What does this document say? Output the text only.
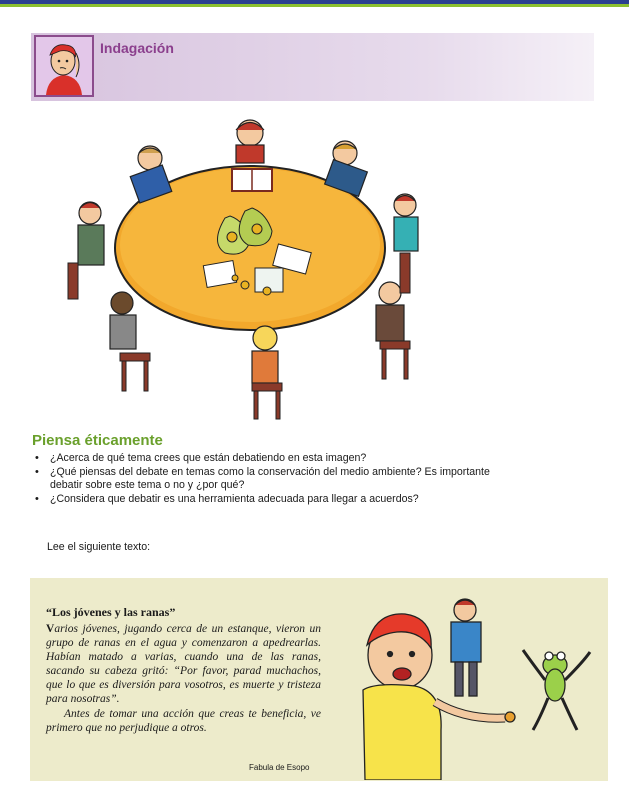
Indagación
Piensa éticamente
• ¿Acerca de qué tema crees que están debatiendo en esta imagen?
• ¿Qué piensas del debate en temas como la conservación del medio ambiente? Es importante debatir sobre este tema o no y ¿por qué?
• ¿Considera que debatir es una herramienta adecuada para llegar a acuerdos?
Lee el siguiente texto:
“Los jóvenes y las ranas”

Varios jóvenes, jugando cerca de un estanque, vieron un grupo de ranas en el agua y comenzaron a apedrearlas. Habían matado a varias, cuando una de las ranas, sacando su cabeza gritó: “Por favor, parad muchachos, que lo que es diversión para vosotros, es muerte y tristeza para nosotras”.

Antes de tomar una acción que creas te beneficia, ve primero que no perjudique a otros.

Fabula de Esopo
